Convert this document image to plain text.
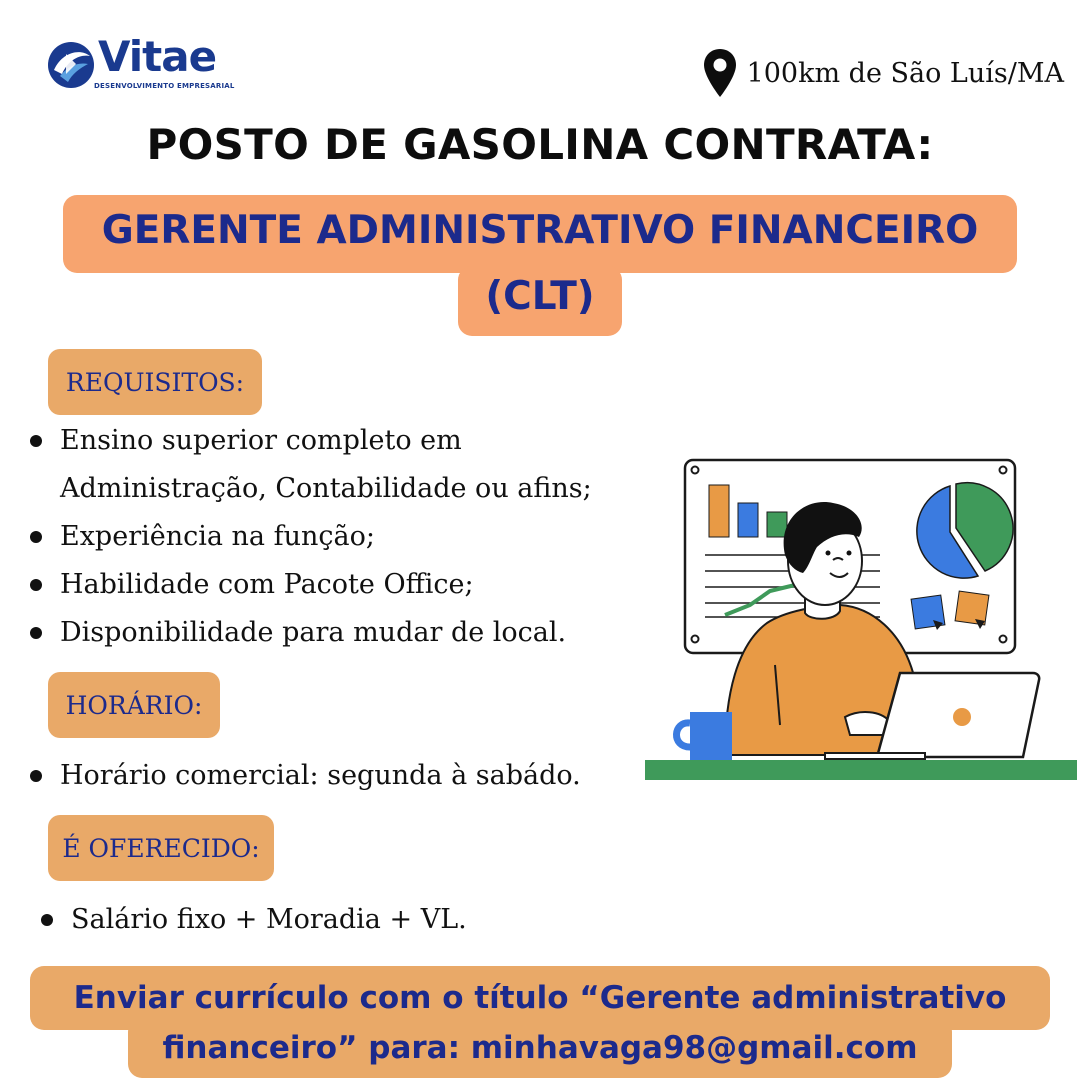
Vitae
DESENVOLVIMENTO EMPRESARIAL	100km de São Luís/MA
POSTO DE GASOLINA CONTRATA:
GERENTE ADMINISTRATIVO FINANCEIRO
(CLT)
REQUISITOS:
Ensino superior completo em Administração, Contabilidade ou afins;
Experiência na função;
Habilidade com Pacote Office;
Disponibilidade para mudar de local.
HORÁRIO:
Horário comercial: segunda à sabádo.
É OFERECIDO:
Salário fixo + Moradia + VL.
Enviar currículo com o título “Gerente administrativo
financeiro” para: minhavaga98@gmail.com
